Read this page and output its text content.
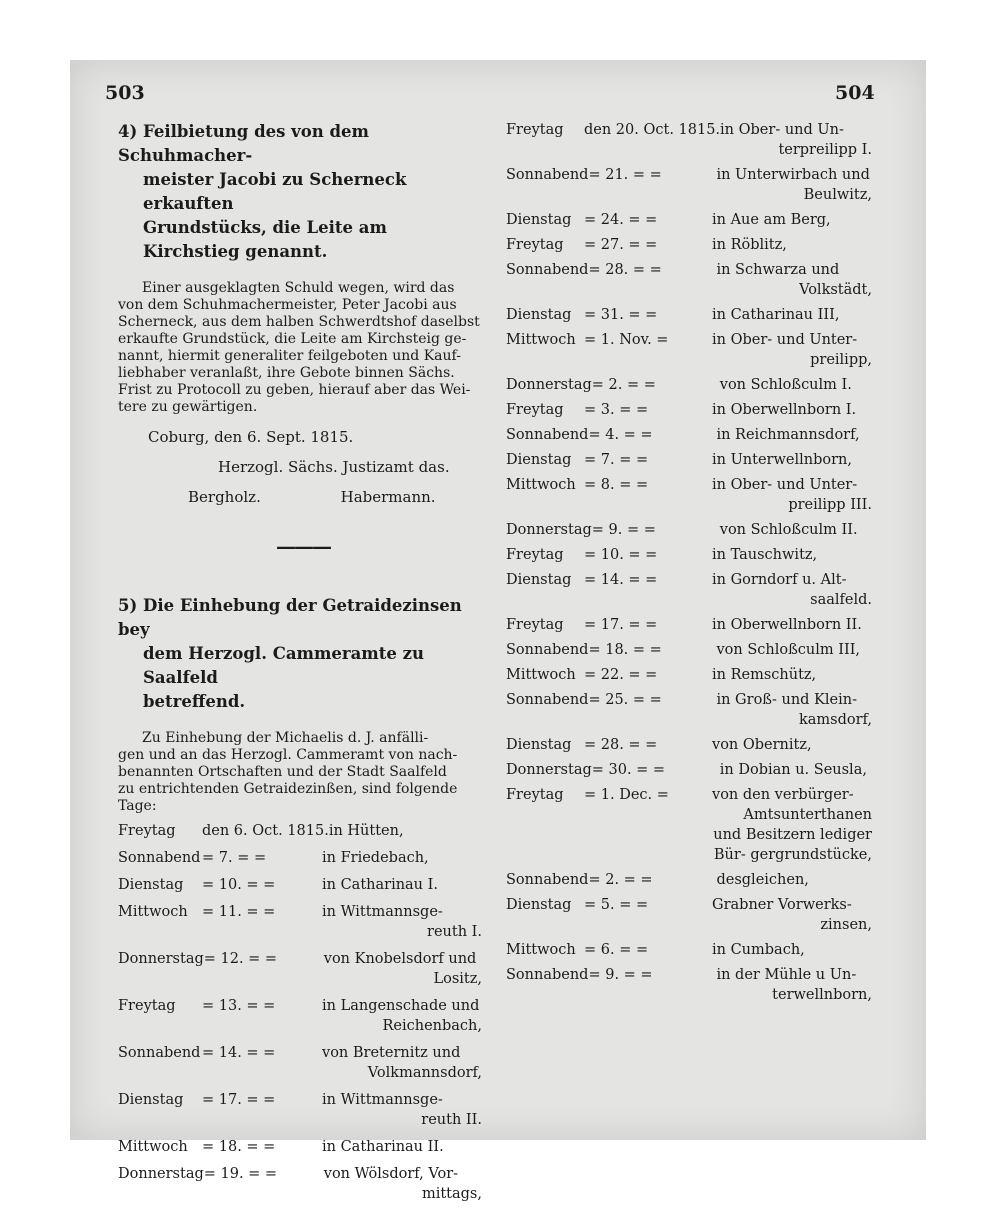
503	504
4) Feilbietung des von dem Schuhmacher-
meister Jacobi zu Scherneck erkauften
Grundstücks, die Leite am Kirchstieg genannt.
Einer ausgeklagten Schuld wegen, wird das
von dem Schuhmachermeister, Peter Jacobi aus
Scherneck, aus dem halben Schwerdtshof daselbst
erkaufte Grundstück, die Leite am Kirchsteig ge-
nannt, hiermit generaliter feilgeboten und Kauf-
liebhaber veranlaßt, ihre Gebote binnen Sächs.
Frist zu Protocoll zu geben, hierauf aber das Wei-
tere zu gewärtigen.
Coburg, den 6. Sept. 1815.
Herzogl. Sächs. Justizamt das.
Bergholz.	Habermann.
———
5) Die Einhebung der Getraidezinsen bey
dem Herzogl. Cammeramte zu Saalfeld
betreffend.
Zu Einhebung der Michaelis d. J. anfälli-
gen und an das Herzogl. Cammeramt von nach-
benannten Ortschaften und der Stadt Saalfeld
zu entrichtenden Getraidezinßen, sind folgende
Tage:
Freytag	den 6. Oct. 1815. in Hütten,
Sonnabend = 7. = =	in Friedebach,
Dienstag	= 10. = =	in Catharinau I.
Mittwoch = 11. = =	in Wittmannsge-
reuth I.
Donnerstag = 12. = =	von Knobelsdorf und
Lositz,
Freytag	= 13. = =	in Langenschade und
Reichenbach,
Sonnabend = 14. = =	von Breternitz und
Volkmannsdorf,
Dienstag	= 17. = =	in Wittmannsge-
reuth II.
Mittwoch = 18. = =	in Catharinau II.
Donnerstag = 19. = =	von Wölsdorf, Vor-
mittags,
Freytag	den 20. Oct. 1815. in Ober- und Un-
terpreilipp I.
Sonnabend = 21. = =	in Unterwirbach und
Beulwitz,
Dienstag = 24. = =	in Aue am Berg,
Freytag	= 27. = =	in Röblitz,
Sonnabend = 28. = =	in Schwarza und
Volkstädt,
Dienstag = 31. = =	in Catharinau III,
Mittwoch = 1. Nov. =	in Ober- und Unter-
preilipp,
Donnerstag = 2. = =	von Schloßculm I.
Freytag	= 3. = =	in Oberwellnborn I.
Sonnabend = 4. = =	in Reichmannsdorf,
Dienstag = 7. = =	in Unterwellnborn,
Mittwoch = 8. = =	in Ober- und Unter-
preilipp III.
Donnerstag = 9. = =	von Schloßculm II.
Freytag	= 10. = =	in Tauschwitz,
Dienstag = 14. = =	in Gorndorf u. Alt-
saalfeld.
Freytag	= 17. = =	in Oberwellnborn II.
Sonnabend = 18. = =	von Schloßculm III,
Mittwoch = 22. = =	in Remschütz,
Sonnabend = 25. = =	in Groß- und Klein-
kamsdorf,
Dienstag = 28. = =	von Obernitz,
Donnerstag = 30. = =	in Dobian u. Seusla,
Freytag	= 1. Dec. =	von den verbürger-
Amtsunterthanen und Besitzern lediger Bür- gergrundstücke,
Sonnabend = 2. = =	desgleichen,
Dienstag = 5. = =	Grabner Vorwerks-
zinsen,
Mittwoch = 6. = =	in Cumbach,
Sonnabend = 9. = =	in der Mühle u Un-
terwellnborn,
